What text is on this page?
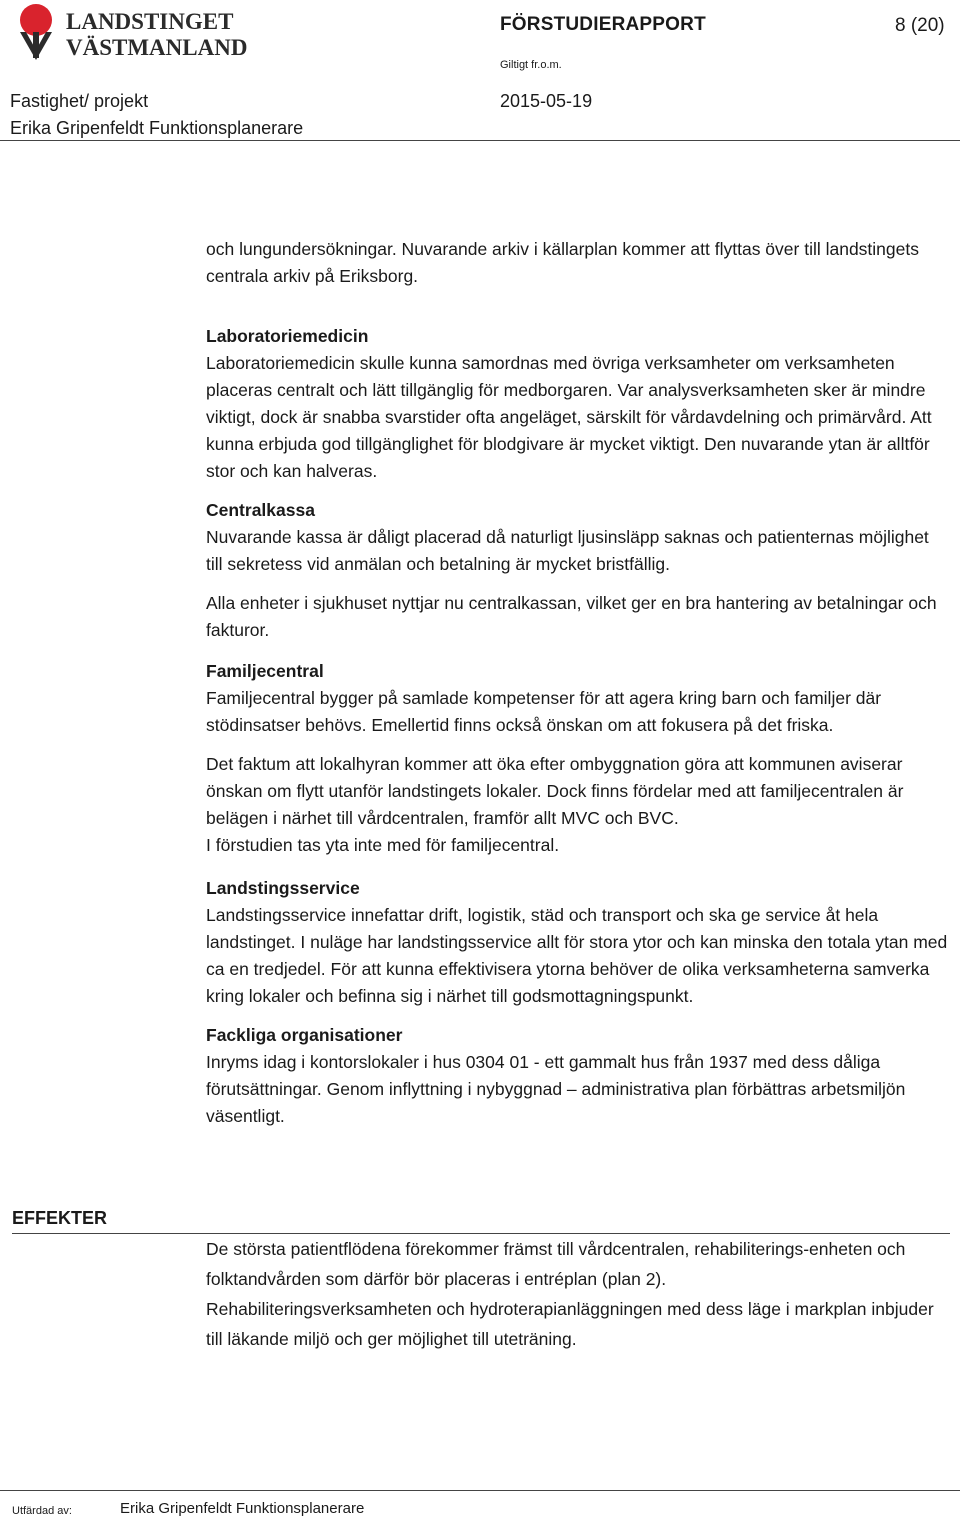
LANDSTINGET
VÄSTMANLAND
FÖRSTUDIERAPPORT	8 (20)
Giltigt fr.o.m.
Fastighet/ projekt	2015-05-19
Erika Gripenfeldt Funktionsplanerare

och lungundersökningar. Nuvarande arkiv i källarplan kommer att flyttas över till landstingets centrala arkiv på Eriksborg.

Laboratoriemedicin

Laboratoriemedicin skulle kunna samordnas med övriga verksamheter om verksamheten placeras centralt och lätt tillgänglig för medborgaren. Var analysverksamheten sker är mindre viktigt, dock är snabba svarstider ofta angeläget, särskilt för vårdavdelning och primärvård. Att kunna erbjuda god tillgänglighet för blodgivare är mycket viktigt. Den nuvarande ytan är alltför stor och kan halveras.

Centralkassa

Nuvarande kassa är dåligt placerad då naturligt ljusinsläpp saknas och patienternas möjlighet till sekretess vid anmälan och betalning är mycket bristfällig.

Alla enheter i sjukhuset nyttjar nu centralkassan, vilket ger en bra hantering av betalningar och fakturor.

Familjecentral

Familjecentral bygger på samlade kompetenser för att agera kring barn och familjer där stödinsatser behövs. Emellertid finns också önskan om att fokusera på det friska.

Det faktum att lokalhyran kommer att öka efter ombyggnation göra att kommunen aviserar önskan om flytt utanför landstingets lokaler. Dock finns fördelar med att familjecentralen är belägen i närhet till vårdcentralen, framför allt MVC och BVC.

I förstudien tas yta inte med för familjecentral.

Landstingsservice

Landstingsservice innefattar drift, logistik, städ och transport och ska ge service åt hela landstinget. I nuläge har landstingsservice allt för stora ytor och kan minska den totala ytan med ca en tredjedel. För att kunna effektivisera ytorna behöver de olika verksamheterna samverka kring lokaler och befinna sig i närhet till godsmottagningspunkt.

Fackliga organisationer

Inryms idag i kontorslokaler i hus 0304 01 - ett gammalt hus från 1937 med dess dåliga förutsättningar. Genom inflyttning i nybyggnad – administrativa plan förbättras arbetsmiljön väsentligt.

EFFEKTER

De största patientflödena förekommer främst till vårdcentralen, rehabiliterings-enheten och folktandvården som därför bör placeras i entréplan (plan 2).

Rehabiliteringsverksamheten och hydroterapianläggningen med dess läge i markplan inbjuder till läkande miljö och ger möjlighet till uteträning.

Utfärdad av:	Erika Gripenfeldt Funktionsplanerare
